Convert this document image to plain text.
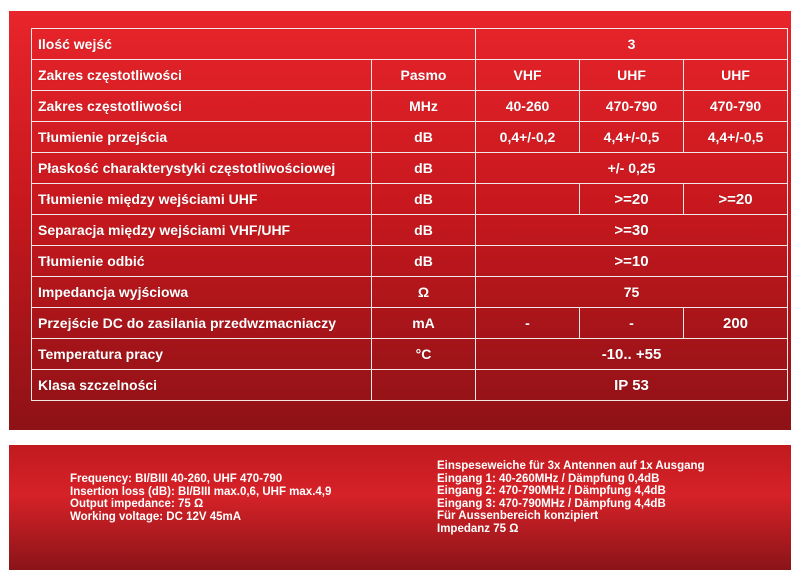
Ilość wejść		3		
Zakres częstotliwości	Pasmo	VHF	UHF	UHF
Zakres częstotliwości	MHz	40-260	470-790	470-790
Tłumienie przejścia	dB	0,4+/-0,2	4,4+/-0,5	4,4+/-0,5
Płaskość charakterystyki częstotliwościowej	dB	+/- 0,25		
Tłumienie między wejściami UHF	dB		>=20	>=20
Separacja między wejściami VHF/UHF	dB	>=30		
Tłumienie odbić	dB	>=10		
Impedancja wyjściowa	Ω	75		
Przejście DC do zasilania przedwzmacniaczy	mA	-	-	200
Temperatura pracy	°C	-10.. +55		
Klasa szczelności		IP 53		
Frequency: BI/BIII 40-260, UHF 470-790
Insertion loss (dB): BI/BIII max.0,6, UHF max.4,9
Output impedance: 75 Ω
Working voltage: DC 12V 45mA
Einspeseweiche für 3x Antennen auf 1x Ausgang
Eingang 1: 40-260MHz / Dämpfung 0,4dB
Eingang 2: 470-790MHz / Dämpfung 4,4dB
Eingang 3: 470-790MHz / Dämpfung 4,4dB
Für Aussenbereich konzipiert
Impedanz 75 Ω
